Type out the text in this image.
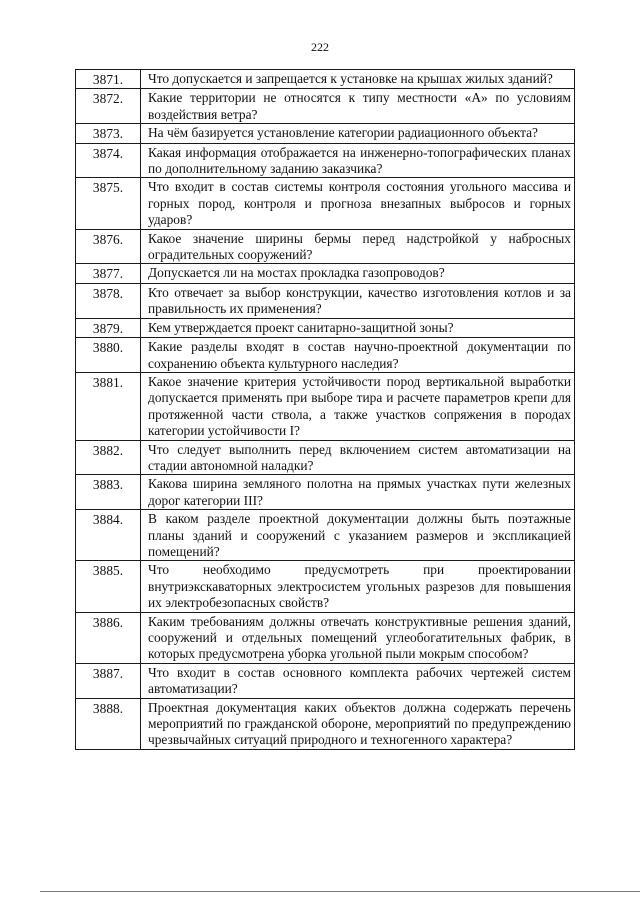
222
3871.	Что допускается и запрещается к установке на крышах жилых зданий?
3872.	Какие территории не относятся к типу местности «А» по условиям воздействия ветра?
3873.	На чём базируется установление категории радиационного объекта?
3874.	Какая информация отображается на инженерно-топографических планах по дополнительному заданию заказчика?
3875.	Что входит в состав системы контроля состояния угольного массива и горных пород, контроля и прогноза внезапных выбросов и горных ударов?
3876.	Какое значение ширины бермы перед надстройкой у набросных оградительных сооружений?
3877.	Допускается ли на мостах прокладка газопроводов?
3878.	Кто отвечает за выбор конструкции, качество изготовления котлов и за правильность их применения?
3879.	Кем утверждается проект санитарно-защитной зоны?
3880.	Какие разделы входят в состав научно-проектной документации по сохранению объекта культурного наследия?
3881.	Какое значение критерия устойчивости пород вертикальной выработки допускается применять при выборе тира и расчете параметров крепи для протяженной части ствола, а также участков сопряжения в породах категории устойчивости I?
3882.	Что следует выполнить перед включением систем автоматизации на стадии автономной наладки?
3883.	Какова ширина земляного полотна на прямых участках пути железных дорог категории III?
3884.	В каком разделе проектной документации должны быть поэтажные планы зданий и сооружений с указанием размеров и экспликацией помещений?
3885.	Что необходимо предусмотреть при проектировании внутриэкскаваторных электросистем угольных разрезов для повышения их электробезопасных свойств?
3886.	Каким требованиям должны отвечать конструктивные решения зданий, сооружений и отдельных помещений углеобогатительных фабрик, в которых предусмотрена уборка угольной пыли мокрым способом?
3887.	Что входит в состав основного комплекта рабочих чертежей систем автоматизации?
3888.	Проектная документация каких объектов должна содержать перечень мероприятий по гражданской обороне, мероприятий по предупреждению чрезвычайных ситуаций природного и техногенного характера?
